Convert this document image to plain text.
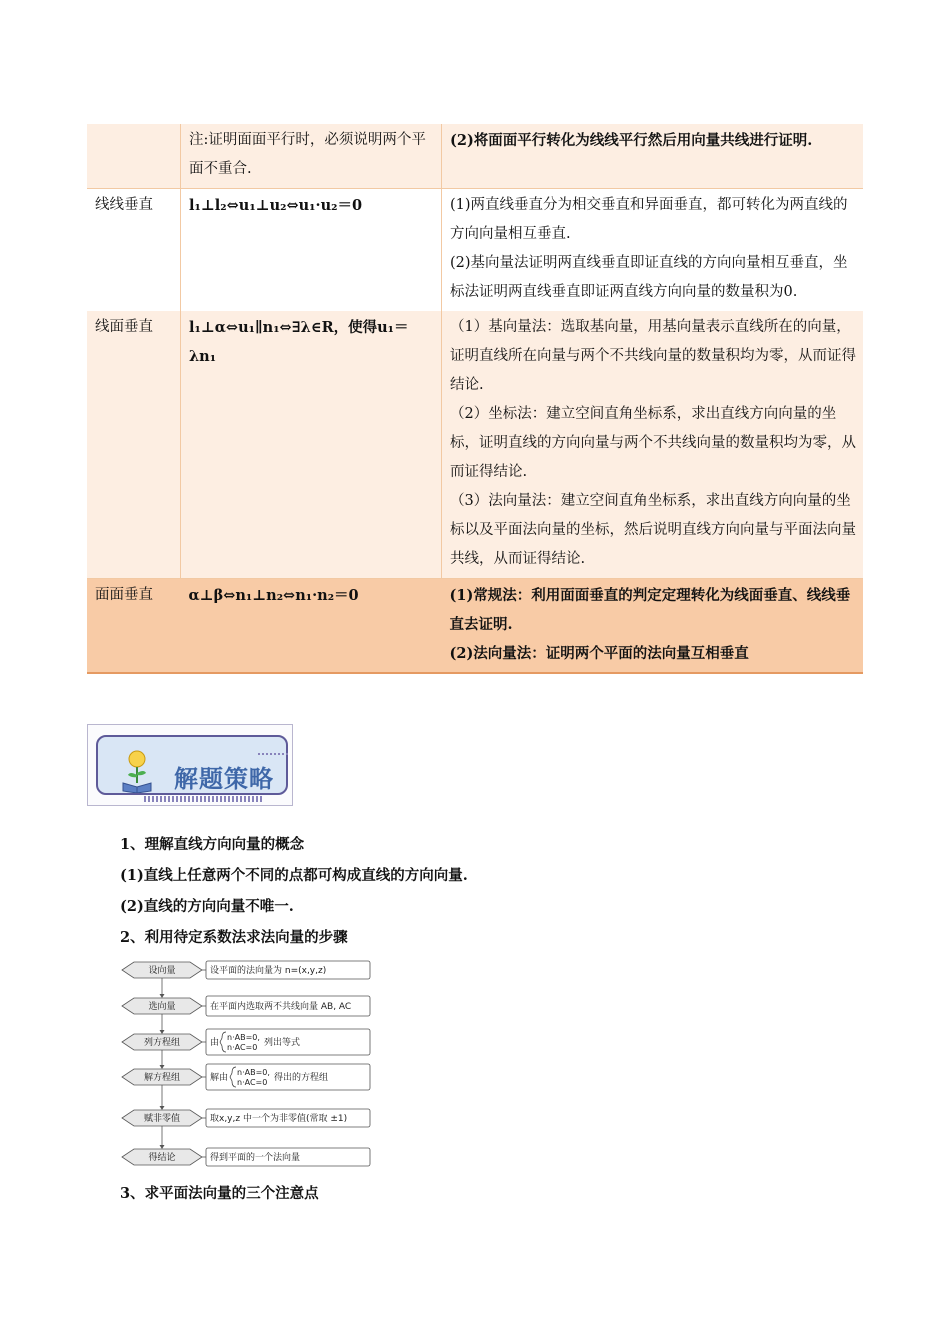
	注:证明面面平行时，必须说明两个平面不重合.	(2)将面面平行转化为线线平行然后用向量共线进行证明.

线线垂直	l₁⊥l₂⇔u₁⊥u₂⇔u₁·u₂＝0	(1)两直线垂直分为相交垂直和异面垂直，都可转化为两直线的方向向量相互垂直.

(2)基向量法证明两直线垂直即证直线的方向向量相互垂直，坐标法证明两直线垂直即证两直线方向向量的数量积为0.

线面垂直	l₁⊥α⇔u₁∥n₁⇔∃λ∈R，使得u₁＝λn₁	（1）基向量法：选取基向量，用基向量表示直线所在的向量，证明直线所在向量与两个不共线向量的数量积均为零，从而证得结论.

（2）坐标法：建立空间直角坐标系，求出直线方向向量的坐标，证明直线的方向向量与两个不共线向量的数量积均为零，从而证得结论.

（3）法向量法：建立空间直角坐标系，求出直线方向向量的坐标以及平面法向量的坐标，然后说明直线方向向量与平面法向量共线，从而证得结论.

面面垂直	α⊥β⇔n₁⊥n₂⇔n₁·n₂＝0	(1)常规法：利用面面垂直的判定定理转化为线面垂直、线线垂直去证明.

(2)法向量法：证明两个平面的法向量互相垂直

解题策略
1、理解直线方向向量的概念
(1)直线上任意两个不同的点都可构成直线的方向向量.
(2)直线的方向向量不唯一.
2、利用待定系数法求法向量的步骤
设向量	设平面的法向量为 n=(x,y,z)
选向量	在平面内选取两不共线向量 AB, AC
列方程组	由
n·AB=0,
n·AC=0 列出等式
解方程组	解由
n·AB=0,
n·AC=0 得出的方程组
赋非零值	取x,y,z 中一个为非零值(常取 ±1)
得结论	得到平面的一个法向量
3、求平面法向量的三个注意点
